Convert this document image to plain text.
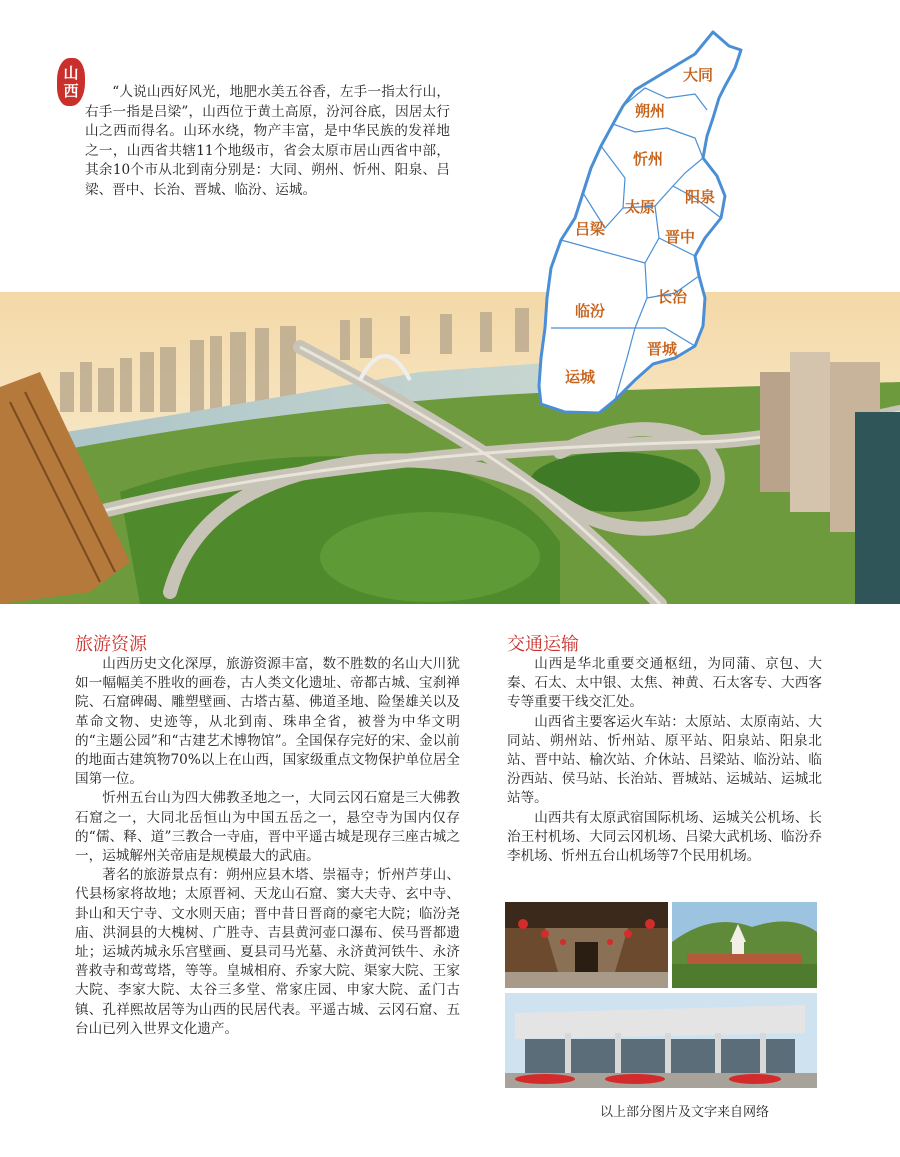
山
西	“人说山西好风光，地肥水美五谷香，左手一指太行山，右手一指是吕梁”，山西位于黄土高原，汾河谷底，因居太行山之西而得名。山环水绕，物产丰富，是中华民族的发祥地之一，山西省共辖11个地级市，省会太原市居山西省中部，其余10个市从北到南分别是：大同、朔州、忻州、阳泉、吕梁、晋中、长治、晋城、临汾、运城。

大同
朔州
忻州
阳泉
太原
吕梁	晋中
长治
临汾
晋城
运城
旅游资源

山西历史文化深厚，旅游资源丰富，数不胜数的名山大川犹如一幅幅美不胜收的画卷，古人类文化遗址、帝都古城、宝刹禅院、石窟碑碣、雕塑壁画、古塔古墓、佛道圣地、险堡雄关以及革命文物、史迹等，从北到南、珠串全省，被誉为中华文明的“主题公园”和“古建艺术博物馆”。全国保存完好的宋、金以前的地面古建筑物70%以上在山西，国家级重点文物保护单位居全国第一位。

忻州五台山为四大佛教圣地之一，大同云冈石窟是三大佛教石窟之一，大同北岳恒山为中国五岳之一，悬空寺为国内仅存的“儒、释、道”三教合一寺庙，晋中平遥古城是现存三座古城之一，运城解州关帝庙是规模最大的武庙。

著名的旅游景点有：朔州应县木塔、崇福寺；忻州芦芽山、代县杨家将故地；太原晋祠、天龙山石窟、窦大夫寺、玄中寺、卦山和天宁寺、文水则天庙；晋中昔日晋商的豪宅大院；临汾尧庙、洪洞县的大槐树、广胜寺、吉县黄河壶口瀑布、侯马晋都遗址；运城芮城永乐宫壁画、夏县司马光墓、永济黄河铁牛、永济普救寺和莺莺塔，等等。皇城相府、乔家大院、渠家大院、王家大院、李家大院、太谷三多堂、常家庄园、申家大院、孟门古镇、孔祥熙故居等为山西的民居代表。平遥古城、云冈石窟、五台山已列入世界文化遗产。

交通运输

山西是华北重要交通枢纽，为同蒲、京包、大秦、石太、太中银、太焦、神黄、石太客专、大西客专等重要干线交汇处。

山西省主要客运火车站：太原站、太原南站、大同站、朔州站、忻州站、原平站、阳泉站、阳泉北站、晋中站、榆次站、介休站、吕梁站、临汾站、临汾西站、侯马站、长治站、晋城站、运城站、运城北站等。

山西共有太原武宿国际机场、运城关公机场、长治王村机场、大同云冈机场、吕梁大武机场、临汾乔李机场、忻州五台山机场等7个民用机场。

以上部分图片及文字来自网络
